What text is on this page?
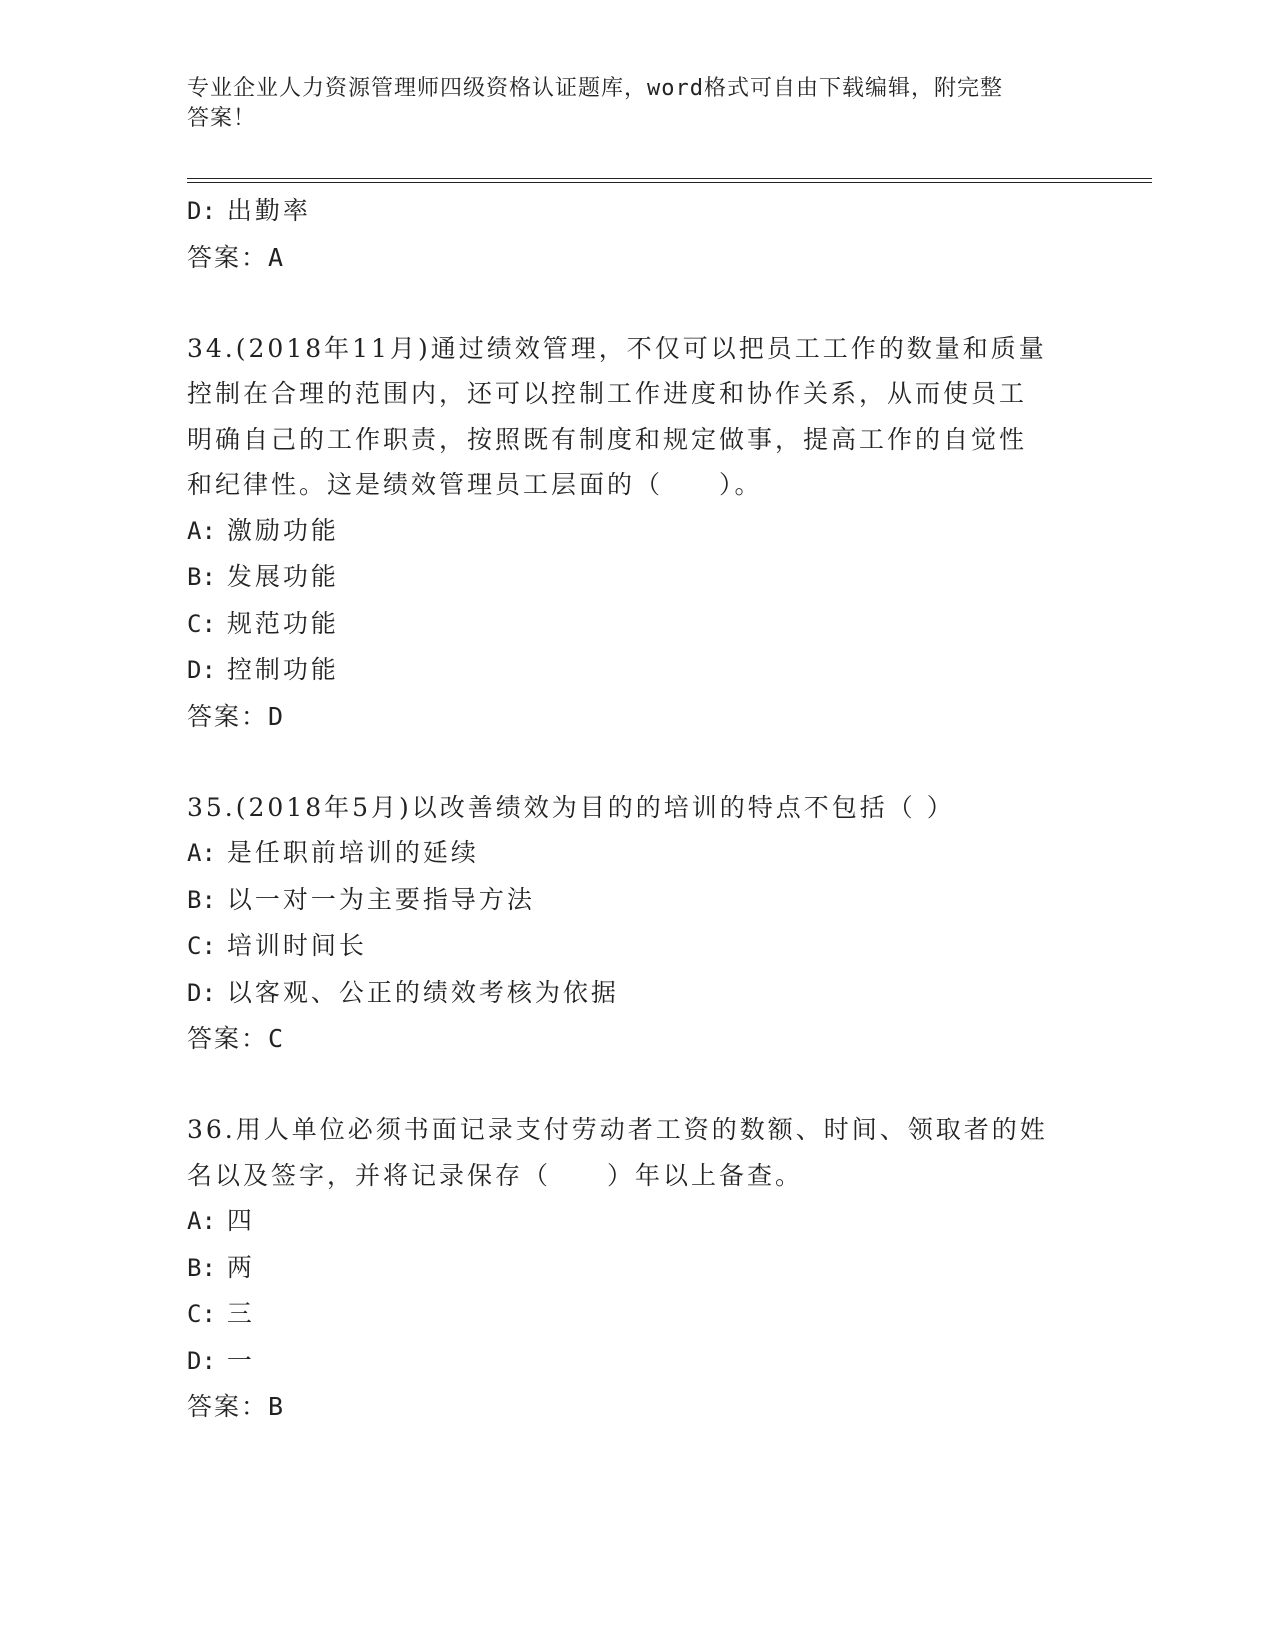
专业企业人力资源管理师四级资格认证题库，word格式可自由下载编辑，附完整
答案！
D: 出勤率
答案：A
34.(2018年11月)通过绩效管理，不仅可以把员工工作的数量和质量
控制在合理的范围内，还可以控制工作进度和协作关系，从而使员工
明确自己的工作职责，按照既有制度和规定做事，提高工作的自觉性
和纪律性。这是绩效管理员工层面的（　　）。
A: 激励功能
B: 发展功能
C: 规范功能
D: 控制功能
答案：D
35.(2018年5月)以改善绩效为目的的培训的特点不包括（ ）
A: 是任职前培训的延续
B: 以一对一为主要指导方法
C: 培训时间长
D: 以客观、公正的绩效考核为依据
答案：C
36.用人单位必须书面记录支付劳动者工资的数额、时间、领取者的姓
名以及签字，并将记录保存（　　）年以上备查。
A: 四
B: 两
C: 三
D: 一
答案：B
